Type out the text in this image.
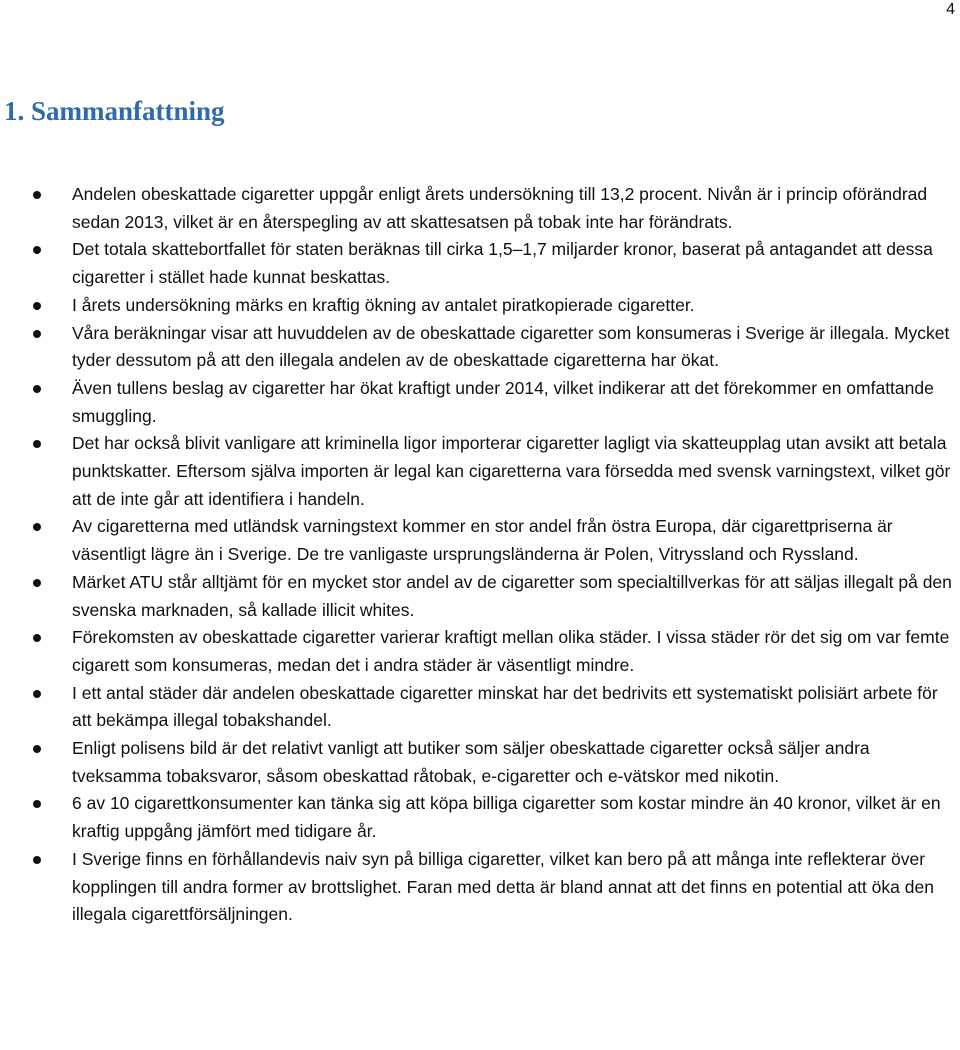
4
1. Sammanfattning
Andelen obeskattade cigaretter uppgår enligt årets undersökning till 13,2 procent. Nivån är i princip oförändrad sedan 2013, vilket är en återspegling av att skattesatsen på tobak inte har förändrats.
Det totala skattebortfallet för staten beräknas till cirka 1,5–1,7 miljarder kronor, baserat på antagandet att dessa cigaretter i stället hade kunnat beskattas.
I årets undersökning märks en kraftig ökning av antalet piratkopierade cigaretter.
Våra beräkningar visar att huvuddelen av de obeskattade cigaretter som konsumeras i Sverige är illegala. Mycket tyder dessutom på att den illegala andelen av de obeskattade cigaretterna har ökat.
Även tullens beslag av cigaretter har ökat kraftigt under 2014, vilket indikerar att det förekommer en omfattande smuggling.
Det har också blivit vanligare att kriminella ligor importerar cigaretter lagligt via skatteupplag utan avsikt att betala punktskatter. Eftersom själva importen är legal kan cigaretterna vara försedda med svensk varningstext, vilket gör att de inte går att identifiera i handeln.
Av cigaretterna med utländsk varningstext kommer en stor andel från östra Europa, där cigarettpriserna är väsentligt lägre än i Sverige. De tre vanligaste ursprungsländerna är Polen, Vitryssland och Ryssland.
Märket ATU står alltjämt för en mycket stor andel av de cigaretter som specialtillverkas för att säljas illegalt på den svenska marknaden, så kallade illicit whites.
Förekomsten av obeskattade cigaretter varierar kraftigt mellan olika städer. I vissa städer rör det sig om var femte cigarett som konsumeras, medan det i andra städer är väsentligt mindre.
I ett antal städer där andelen obeskattade cigaretter minskat har det bedrivits ett systematiskt polisiärt arbete för att bekämpa illegal tobakshandel.
Enligt polisens bild är det relativt vanligt att butiker som säljer obeskattade cigaretter också säljer andra tveksamma tobaksvaror, såsom obeskattad råtobak, e-cigaretter och e-vätskor med nikotin.
6 av 10 cigarettkonsumenter kan tänka sig att köpa billiga cigaretter som kostar mindre än 40 kronor, vilket är en kraftig uppgång jämfört med tidigare år.
I Sverige finns en förhållandevis naiv syn på billiga cigaretter, vilket kan bero på att många inte reflekterar över kopplingen till andra former av brottslighet. Faran med detta är bland annat att det finns en potential att öka den illegala cigarettförsäljningen.
